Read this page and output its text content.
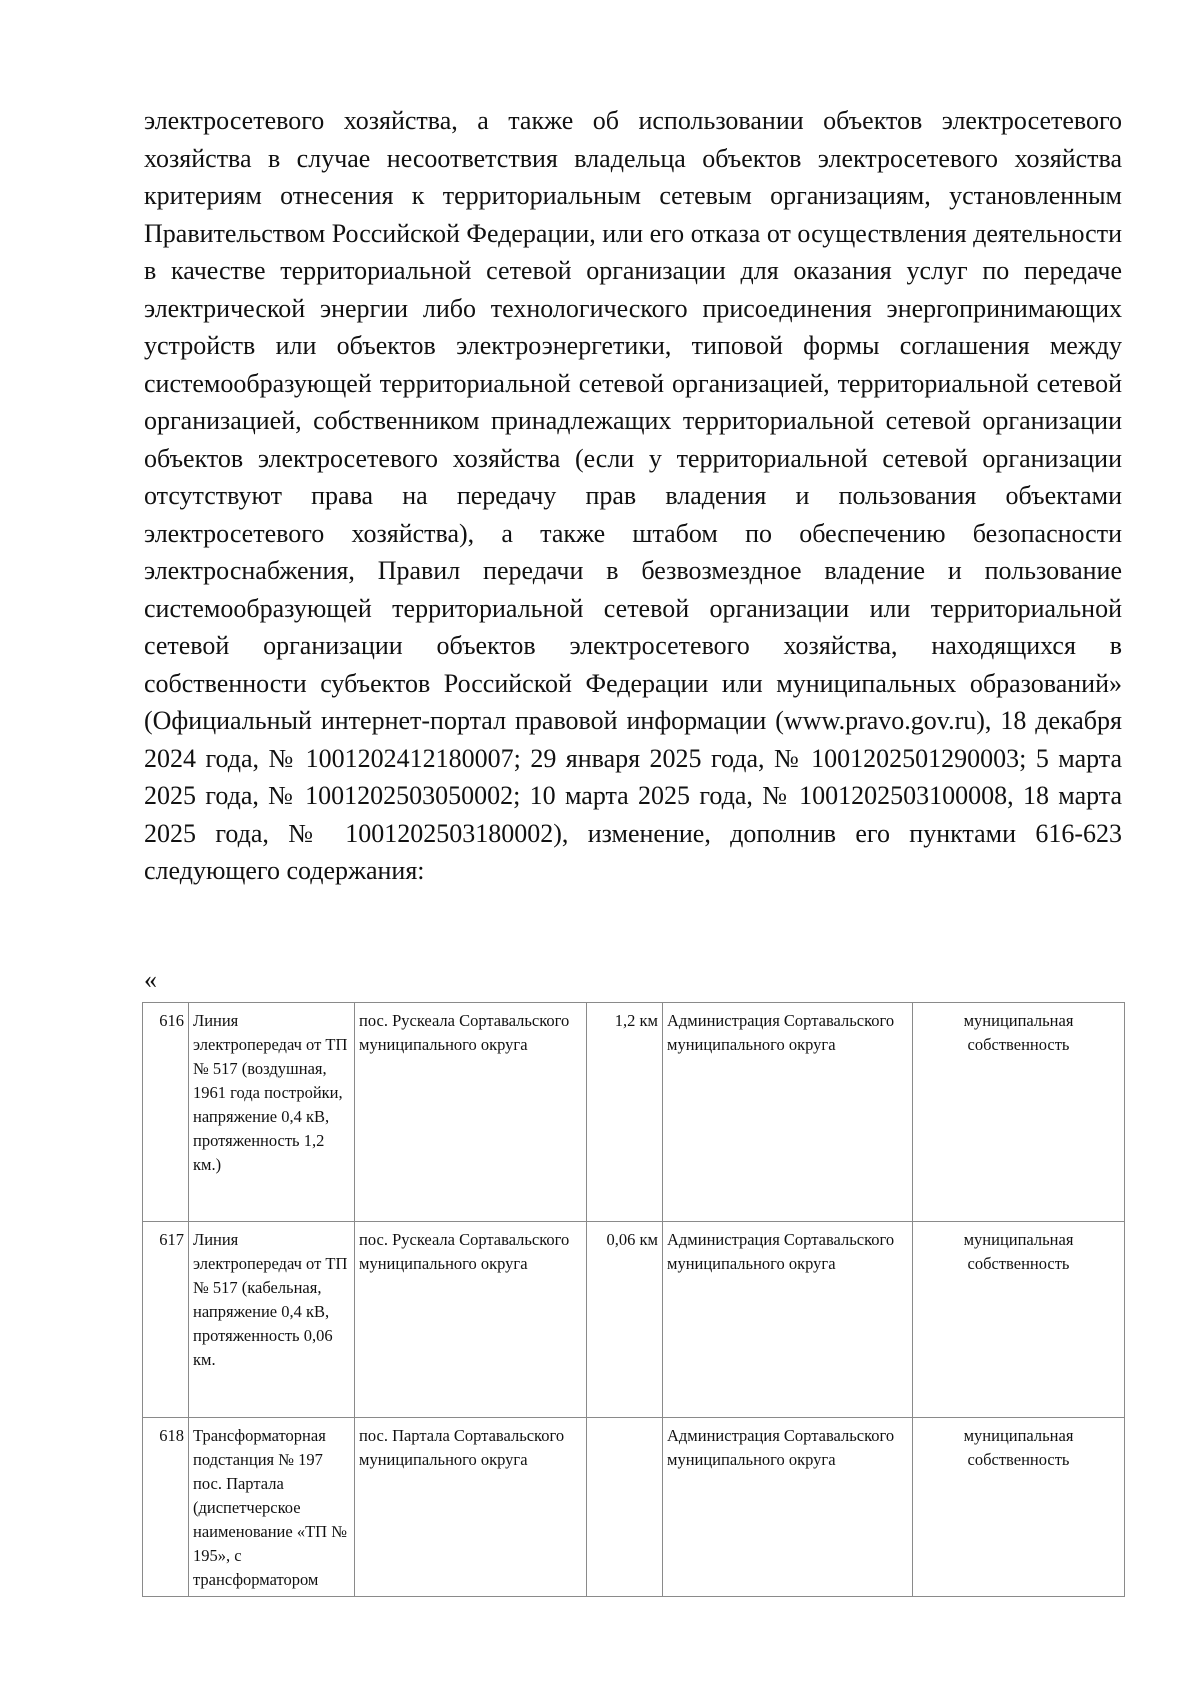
электросетевого хозяйства, а также об использовании объектов электросетевого хозяйства в случае несоответствия владельца объектов электросетевого хозяйства критериям отнесения к территориальным сетевым организациям, установленным Правительством Российской Федерации, или его отказа от осуществления деятельности в качестве территориальной сетевой организации для оказания услуг по передаче электрической энергии либо технологического присоединения энергопринимающих устройств или объектов электроэнергетики, типовой формы соглашения между системообразующей территориальной сетевой организацией, территориальной сетевой организацией, собственником принадлежащих территориальной сетевой организации объектов электросетевого хозяйства (если у территориальной сетевой организации отсутствуют права на передачу прав владения и пользования объектами электросетевого хозяйства), а также штабом по обеспечению безопасности электроснабжения, Правил передачи в безвозмездное владение и пользование системообразующей территориальной сетевой организации или территориальной сетевой организации объектов электросетевого хозяйства, находящихся в собственности субъектов Российской Федерации или муниципальных образований» (Официальный интернет-портал правовой информации (www.pravo.gov.ru), 18 декабря 2024 года, № 1001202412180007; 29 января 2025 года, № 1001202501290003; 5 марта 2025 года, № 1001202503050002; 10 марта 2025 года, № 1001202503100008, 18 марта 2025 года, № 1001202503180002), изменение, дополнив его пунктами 616-623 следующего содержания:

«
616	Линия электропередач от ТП № 517 (воздушная, 1961 года постройки, напряжение 0,4 кВ, протяженность 1,2 км.)	пос. Рускеала Сортавальского муниципального округа	1,2 км	Администрация Сортавальского муниципального округа	муниципальная собственность
617	Линия электропередач от ТП № 517 (кабельная, напряжение 0,4 кВ, протяженность 0,06 км.	пос. Рускеала Сортавальского муниципального округа	0,06 км	Администрация Сортавальского муниципального округа	муниципальная собственность
618	Трансформаторная подстанция № 197 пос. Партала (диспетчерское наименование «ТП № 195», с трансформатором	пос. Партала Сортавальского муниципального округа		Администрация Сортавальского муниципального округа	муниципальная собственность
